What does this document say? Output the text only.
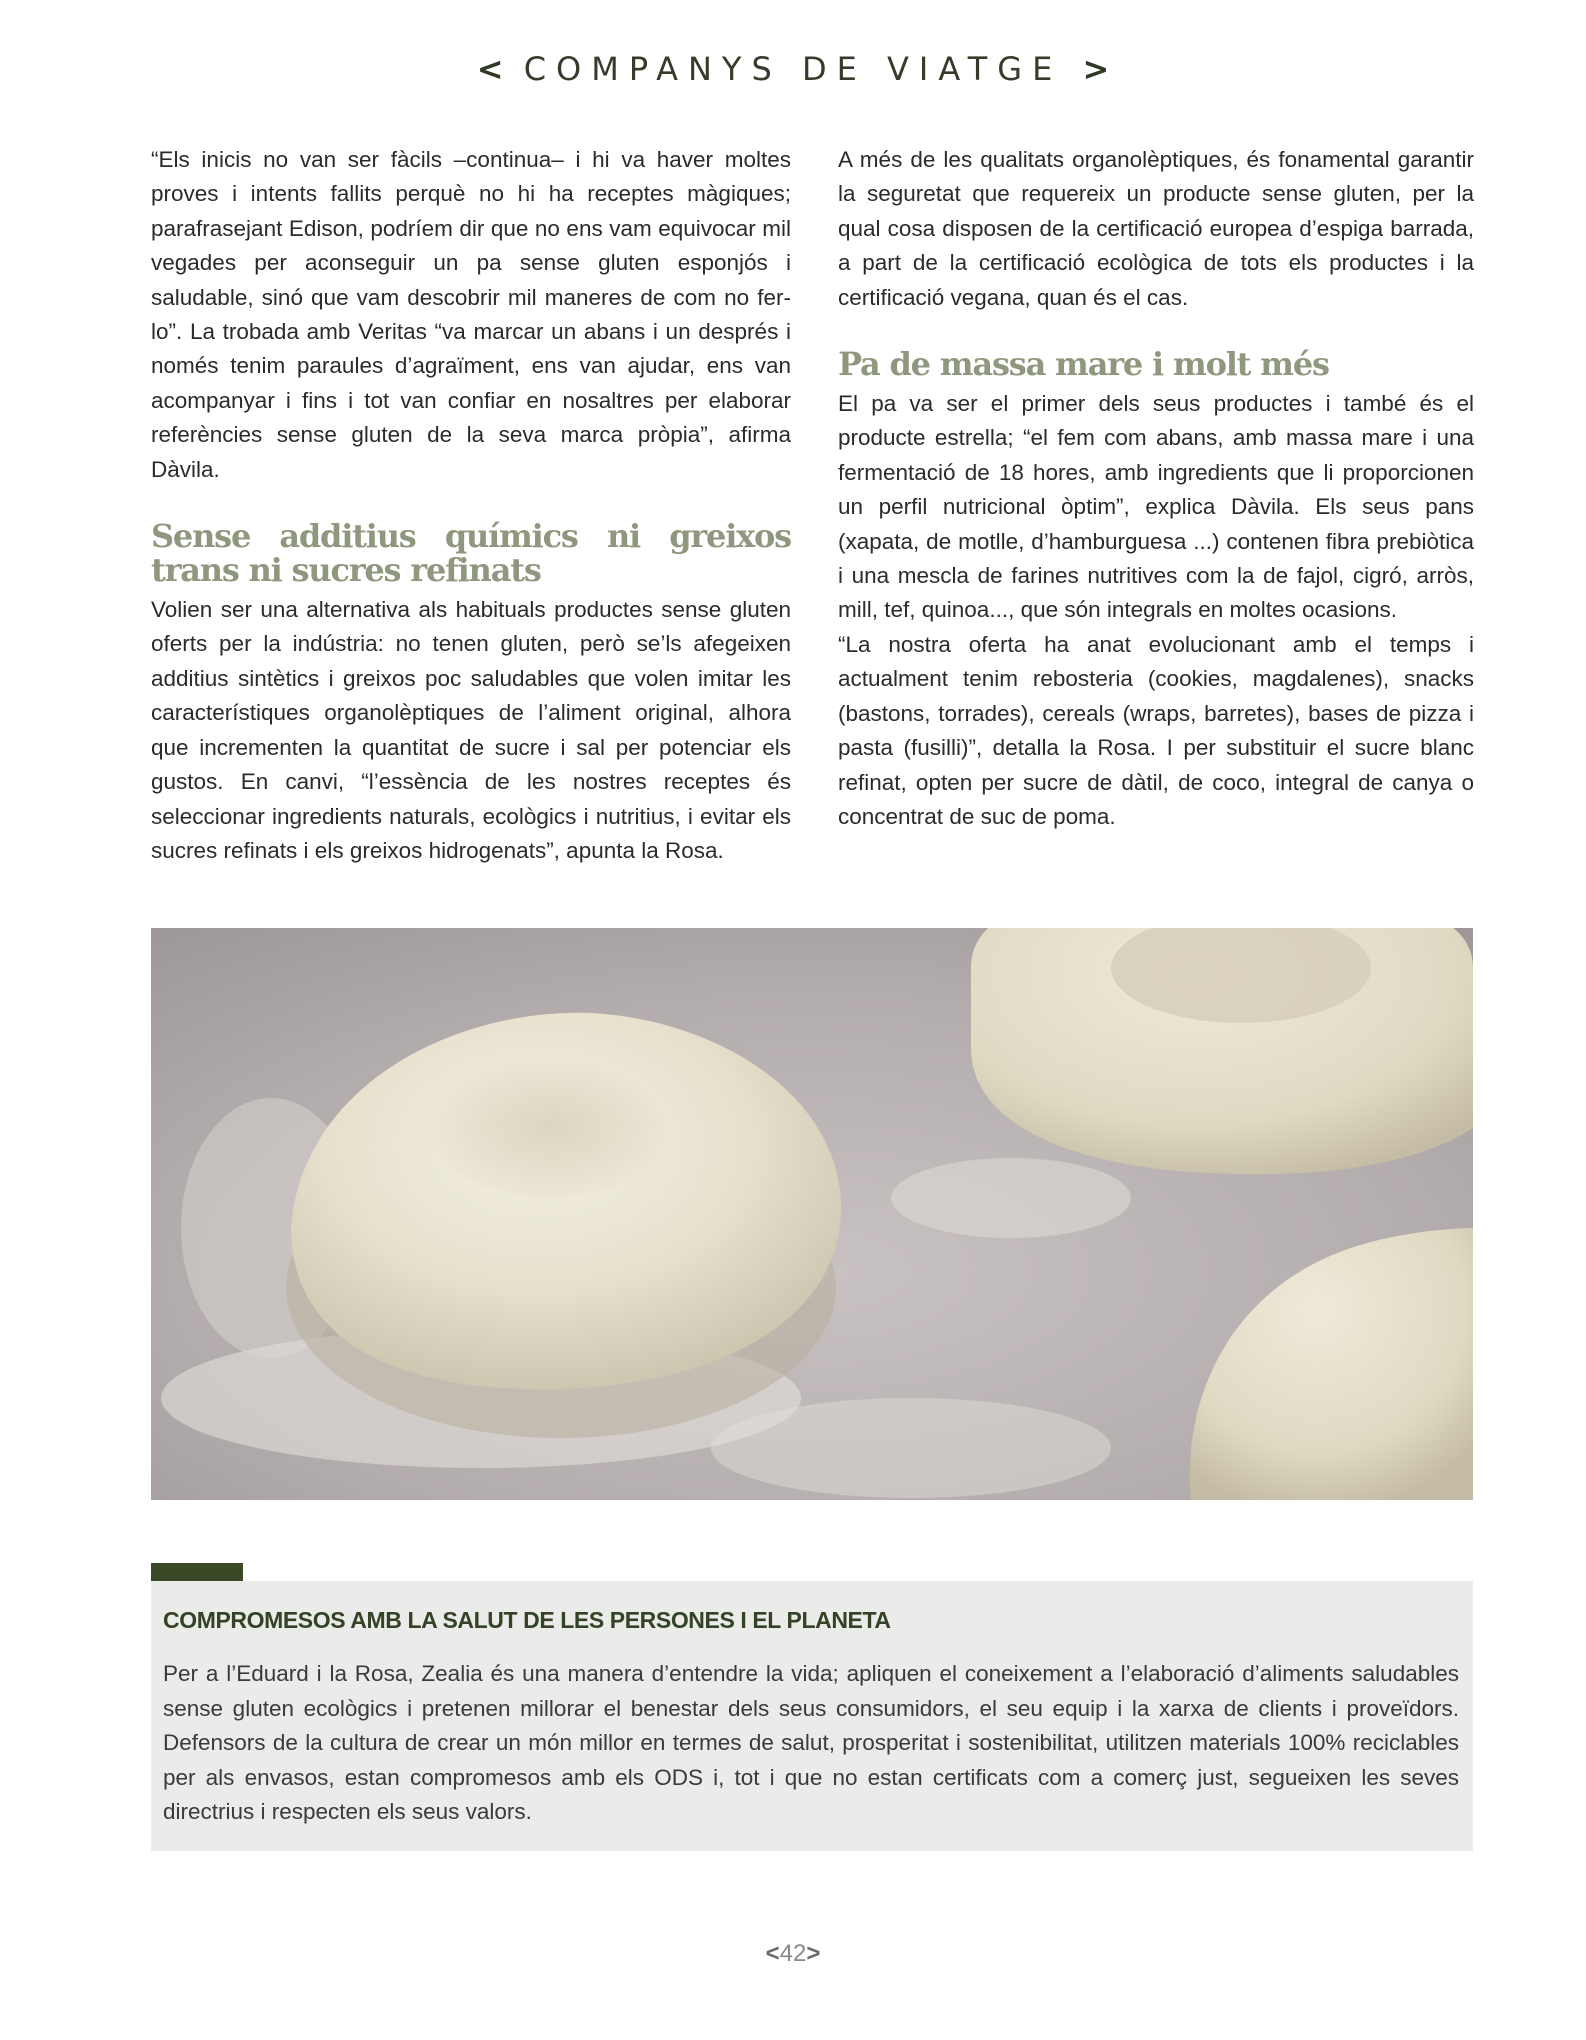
< COMPANYS DE VIATGE >

“Els inicis no van ser fàcils –continua– i hi va haver moltes proves i intents fallits perquè no hi ha receptes màgiques; parafrasejant Edison, podríem dir que no ens vam equivocar mil vegades per aconseguir un pa sense gluten esponjós i saludable, sinó que vam descobrir mil maneres de com no fer-lo”. La trobada amb Veritas “va marcar un abans i un després i només tenim paraules d’agraïment, ens van ajudar, ens van acompanyar i fins i tot van confiar en nosaltres per elaborar referències sense gluten de la seva marca pròpia”, afirma Dàvila.

Sense additius químics ni greixos trans ni sucres refinats

Volien ser una alternativa als habituals productes sense gluten oferts per la indústria: no tenen gluten, però se’ls afegeixen additius sintètics i greixos poc saludables que volen imitar les característiques organolèptiques de l’aliment original, alhora que incrementen la quantitat de sucre i sal per potenciar els gustos. En canvi, “l’essència de les nostres receptes és seleccionar ingredients naturals, ecològics i nutritius, i evitar els sucres refinats i els greixos hidrogenats”, apunta la Rosa.

A més de les qualitats organolèptiques, és fonamental garantir la seguretat que requereix un producte sense gluten, per la qual cosa disposen de la certificació europea d’espiga barrada, a part de la certificació ecològica de tots els productes i la certificació vegana, quan és el cas.

Pa de massa mare i molt més

El pa va ser el primer dels seus productes i també és el producte estrella; “el fem com abans, amb massa mare i una fermentació de 18 hores, amb ingredients que li proporcionen un perfil nutricional òptim”, explica Dàvila. Els seus pans (xapata, de motlle, d’hamburguesa ...) contenen fibra prebiòtica i una mescla de farines nutritives com la de fajol, cigró, arròs, mill, tef, quinoa..., que són integrals en moltes ocasions.

“La nostra oferta ha anat evolucionant amb el temps i actualment tenim rebosteria (cookies, magdalenes), snacks (bastons, torrades), cereals (wraps, barretes), bases de pizza i pasta (fusilli)”, detalla la Rosa. I per substituir el sucre blanc refinat, opten per sucre de dàtil, de coco, integral de canya o concentrat de suc de poma.

COMPROMESOS AMB LA SALUT DE LES PERSONES I EL PLANETA

Per a l’Eduard i la Rosa, Zealia és una manera d’entendre la vida; apliquen el coneixement a l’elaboració d’aliments saludables sense gluten ecològics i pretenen millorar el benestar dels seus consumidors, el seu equip i la xarxa de clients i proveïdors. Defensors de la cultura de crear un món millor en termes de salut, prosperitat i sostenibilitat, utilitzen materials 100% reciclables per als envasos, estan compromesos amb els ODS i, tot i que no estan certificats com a comerç just, segueixen les seves directrius i respecten els seus valors.

<42>
